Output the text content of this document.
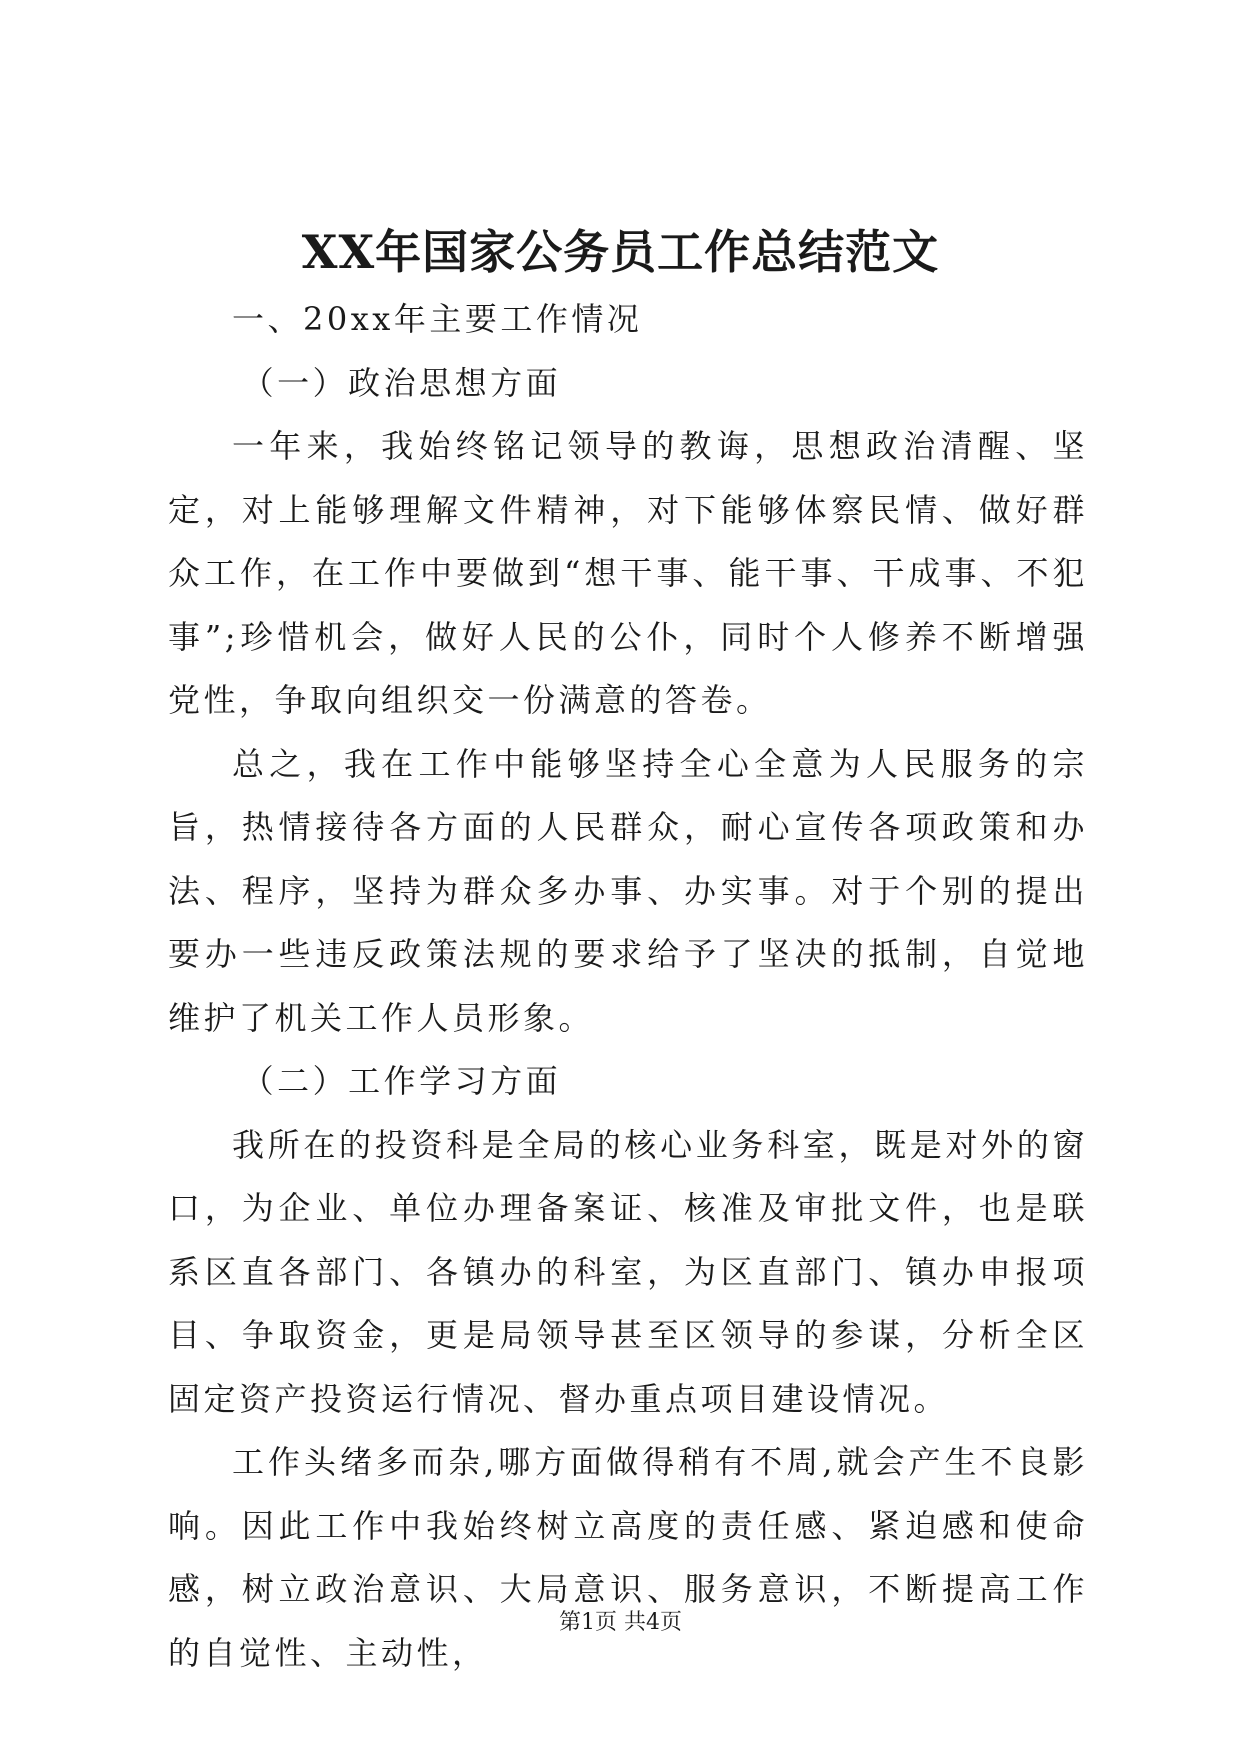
XX年国家公务员工作总结范文

一、20xx年主要工作情况

（一）政治思想方面

一年来，我始终铭记领导的教诲，思想政治清醒、坚定，对上能够理解文件精神，对下能够体察民情、做好群众工作，在工作中要做到“想干事、能干事、干成事、不犯事”;珍惜机会，做好人民的公仆，同时个人修养不断增强党性，争取向组织交一份满意的答卷。

总之，我在工作中能够坚持全心全意为人民服务的宗旨，热情接待各方面的人民群众，耐心宣传各项政策和办法、程序，坚持为群众多办事、办实事。对于个别的提出要办一些违反政策法规的要求给予了坚决的抵制，自觉地维护了机关工作人员形象。

（二）工作学习方面

我所在的投资科是全局的核心业务科室，既是对外的窗口，为企业、单位办理备案证、核准及审批文件，也是联系区直各部门、各镇办的科室，为区直部门、镇办申报项目、争取资金，更是局领导甚至区领导的参谋，分析全区固定资产投资运行情况、督办重点项目建设情况。

工作头绪多而杂,哪方面做得稍有不周,就会产生不良影响。因此工作中我始终树立高度的责任感、紧迫感和使命感，树立政治意识、大局意识、服务意识，不断提高工作的自觉性、主动性，

第1页 共4页
